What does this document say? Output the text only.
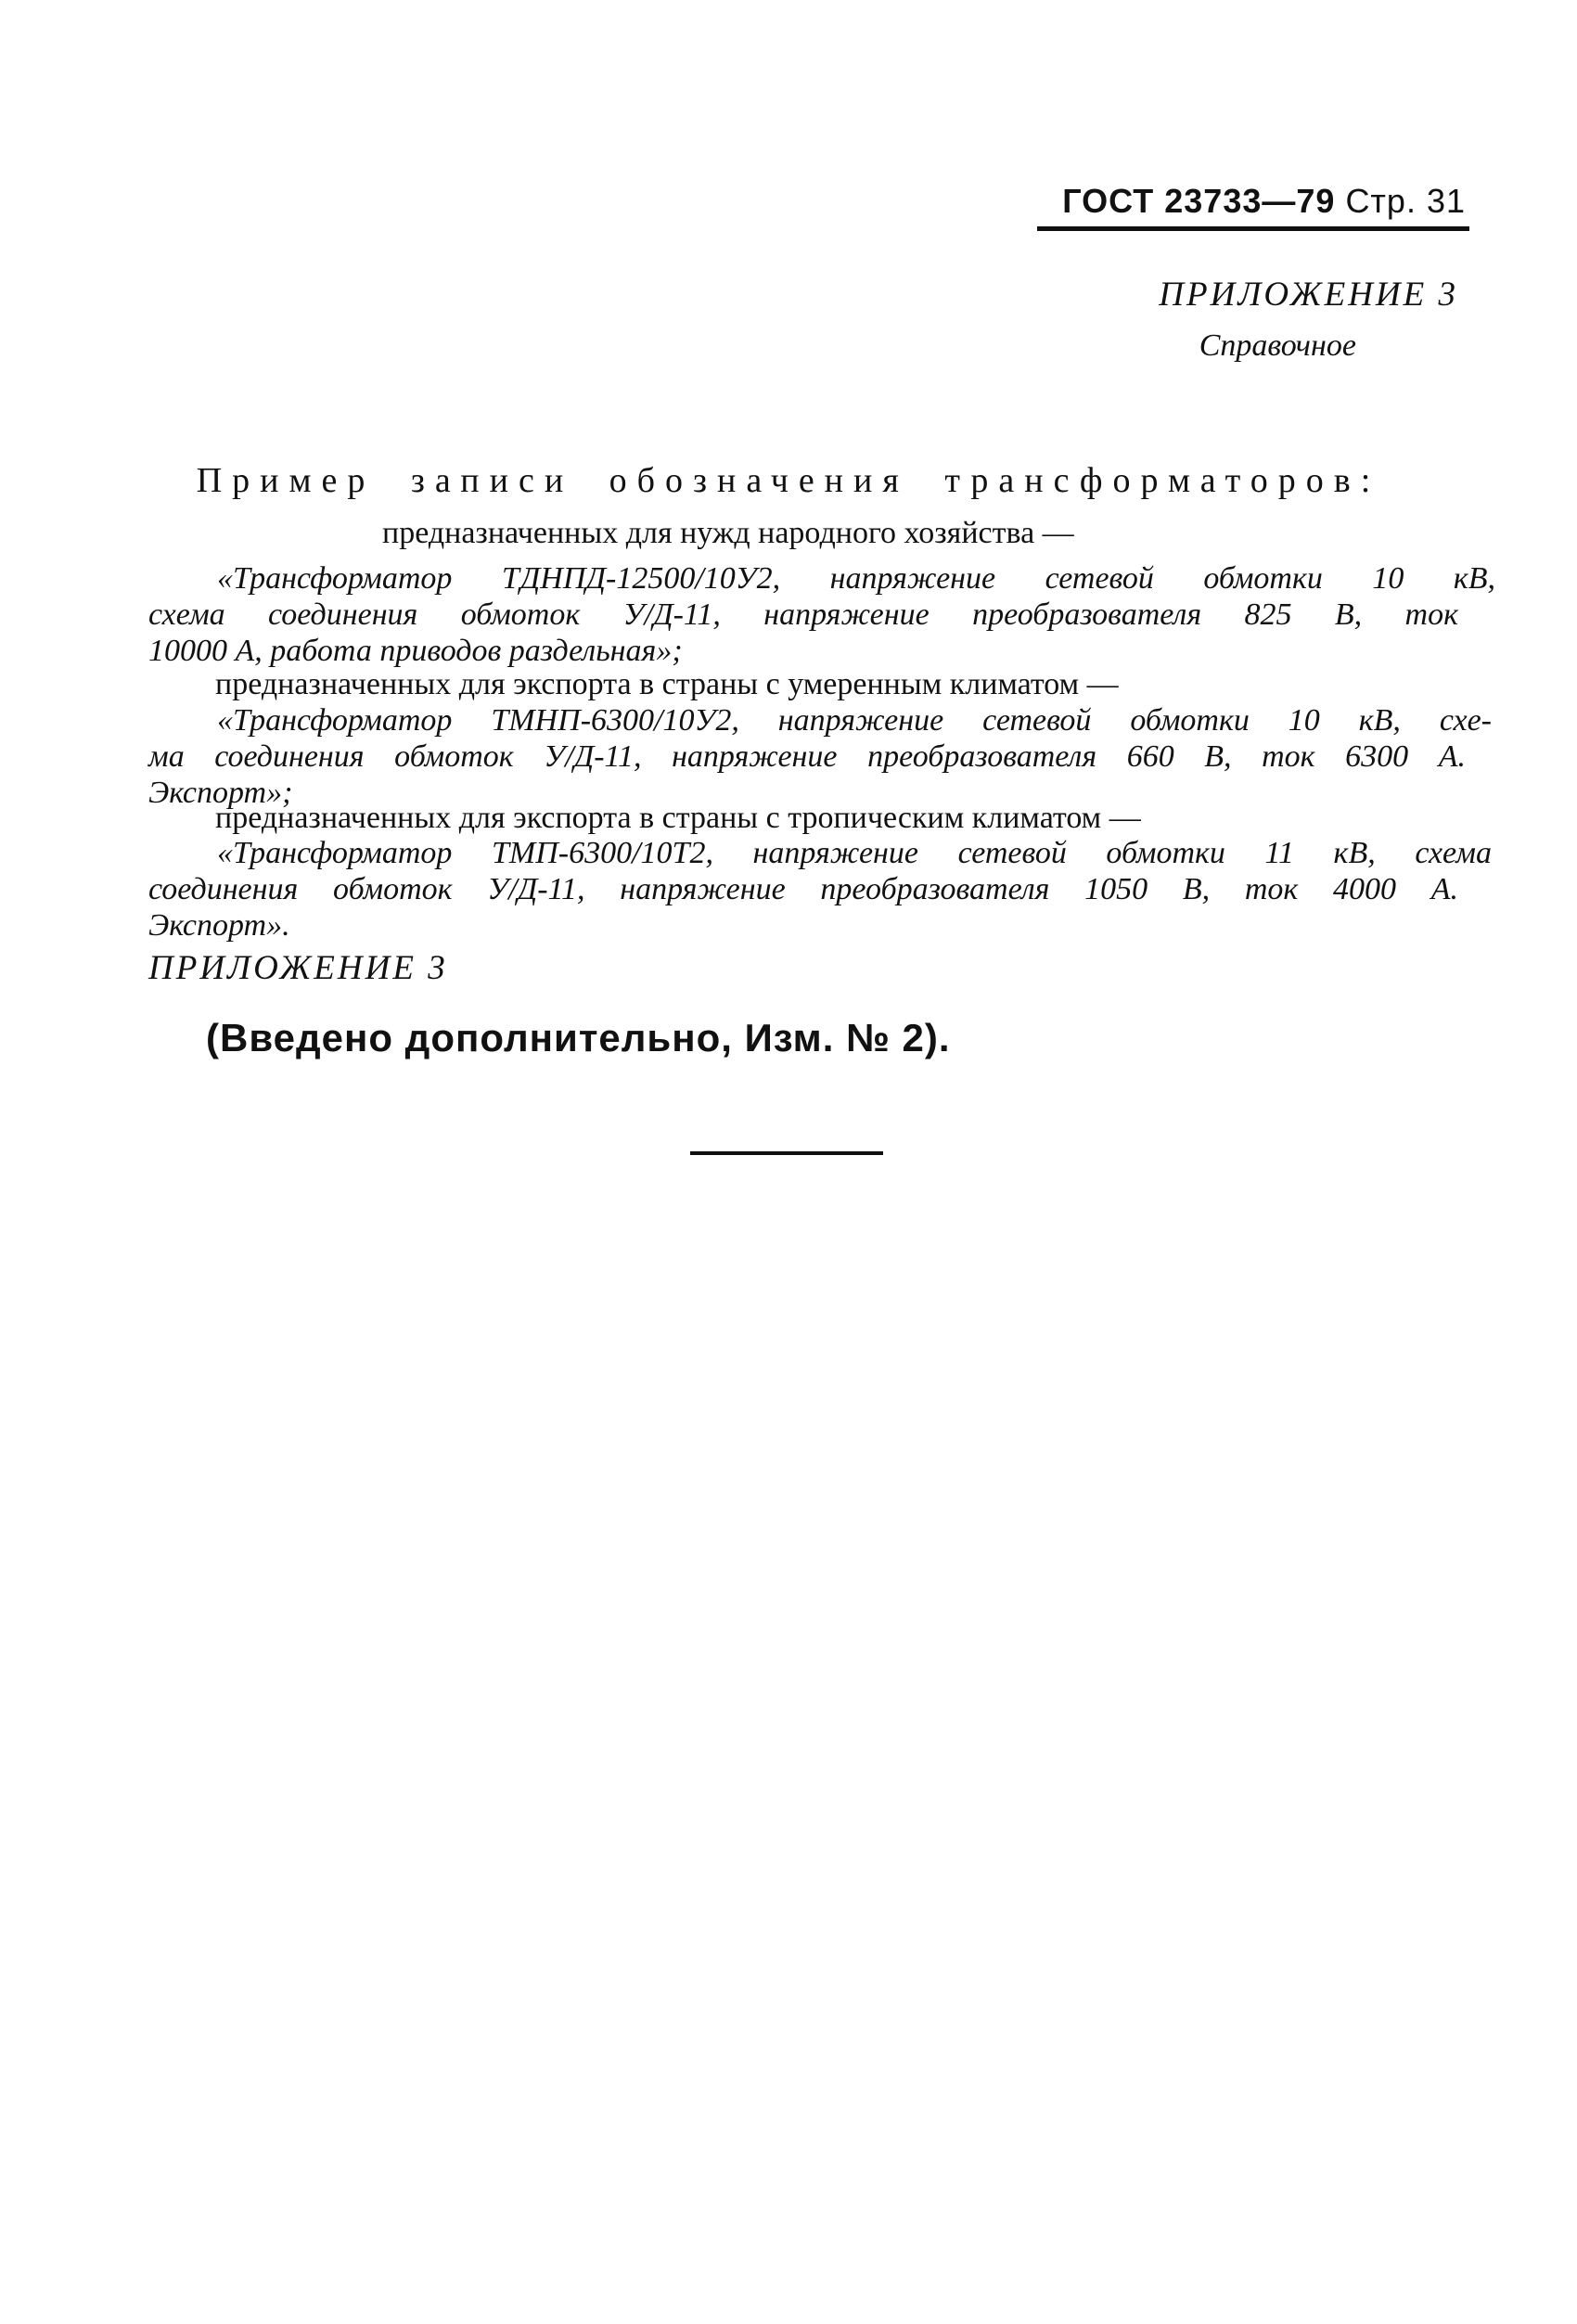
ГОСТ 23733—79 Стр. 31
ПРИЛОЖЕНИЕ 3
Справочное
Пример записи обозначения трансформаторов:
предназначенных для нужд народного хозяйства —
«Трансформатор ТДНПД-12500/10У2, напряжение сетевой обмотки 10 кВ,
схема соединения обмоток У/Д-11, напряжение преобразователя 825 В, ток
10000 А, работа приводов раздельная»;
предназначенных для экспорта в страны с умеренным климатом —
«Трансформатор ТМНП-6300/10У2, напряжение сетевой обмотки 10 кВ, схе-
ма соединения обмоток У/Д-11, напряжение преобразователя 660 В, ток 6300 А.
Экспорт»;
предназначенных для экспорта в страны с тропическим климатом —
«Трансформатор ТМП-6300/10Т2, напряжение сетевой обмотки 11 кВ, схема
соединения обмоток У/Д-11, напряжение преобразователя 1050 В, ток 4000 А.
Экспорт».
ПРИЛОЖЕНИЕ 3
(Введено дополнительно, Изм. № 2).
